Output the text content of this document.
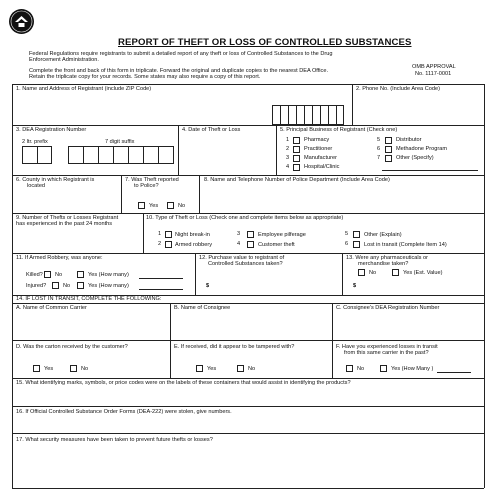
REPORT OF THEFT OR LOSS OF CONTROLLED SUBSTANCES
Federal Regulations require registrants to submit a detailed report of any theft or loss of Controlled Substances to the Drug
Enforcement Administration.
Complete the front and back of this form in triplicate. Forward the original and duplicate copies to the nearest DEA Office.
Retain the triplicate copy for your records. Some states may also require a copy of this report.
OMB APPROVAL
No. 1117-0001
1. Name and Address of Registrant (include ZIP Code)	2. Phone No. (Include Area Code)
3. DEA Registration Number
2 ltr. prefix	7 digit suffix
4. Date of Theft or Loss	5. Principal Business of Registrant (Check one)
1	Pharmacy
2	Practitioner
3	Manufacturer
4	Hospital/Clinic
5	Distributor
6	Methadone Program
7	Other (Specify)
6. County in which Registrant is
located
7. Was Theft reported
to Police?
Yes	No
8. Name and Telephone Number of Police Department (Include Area Code)
9. Number of Thefts or Losses Registrant
has experienced in the past 24 months
10. Type of Theft or Loss (Check one and complete items below as appropriate)
1 Night break-in
2 Armed robbery
3	Employee pilferage
4	Customer theft
5	Other (Explain)
6	Lost in transit (Complete Item 14)
11. If Armed Robbery, was anyone:
Killed? No	Yes (How many)
Injured?	No	Yes (How many)
12. Purchase value to registrant of
Controlled Substances taken?
$
13. Were any pharmaceuticals or
merchandise taken?
No	Yes (Est. Value)
$
14. IF LOST IN TRANSIT, COMPLETE THE FOLLOWING:
A. Name of Common Carrier	B. Name of Consignee	C. Consignee's DEA Registration Number
D. Was the carton received by the customer?
Yes	No
E. If received, did it appear to be tampered with?
Yes	No
F. Have you experienced losses in transit
from this same carrier in the past?
No	Yes (How Many )
15. What identifying marks, symbols, or price codes were on the labels of these containers that would assist in identifying the products?
16. If Official Controlled Substance Order Forms (DEA-222) were stolen, give numbers.
17. What security measures have been taken to prevent future thefts or losses?
